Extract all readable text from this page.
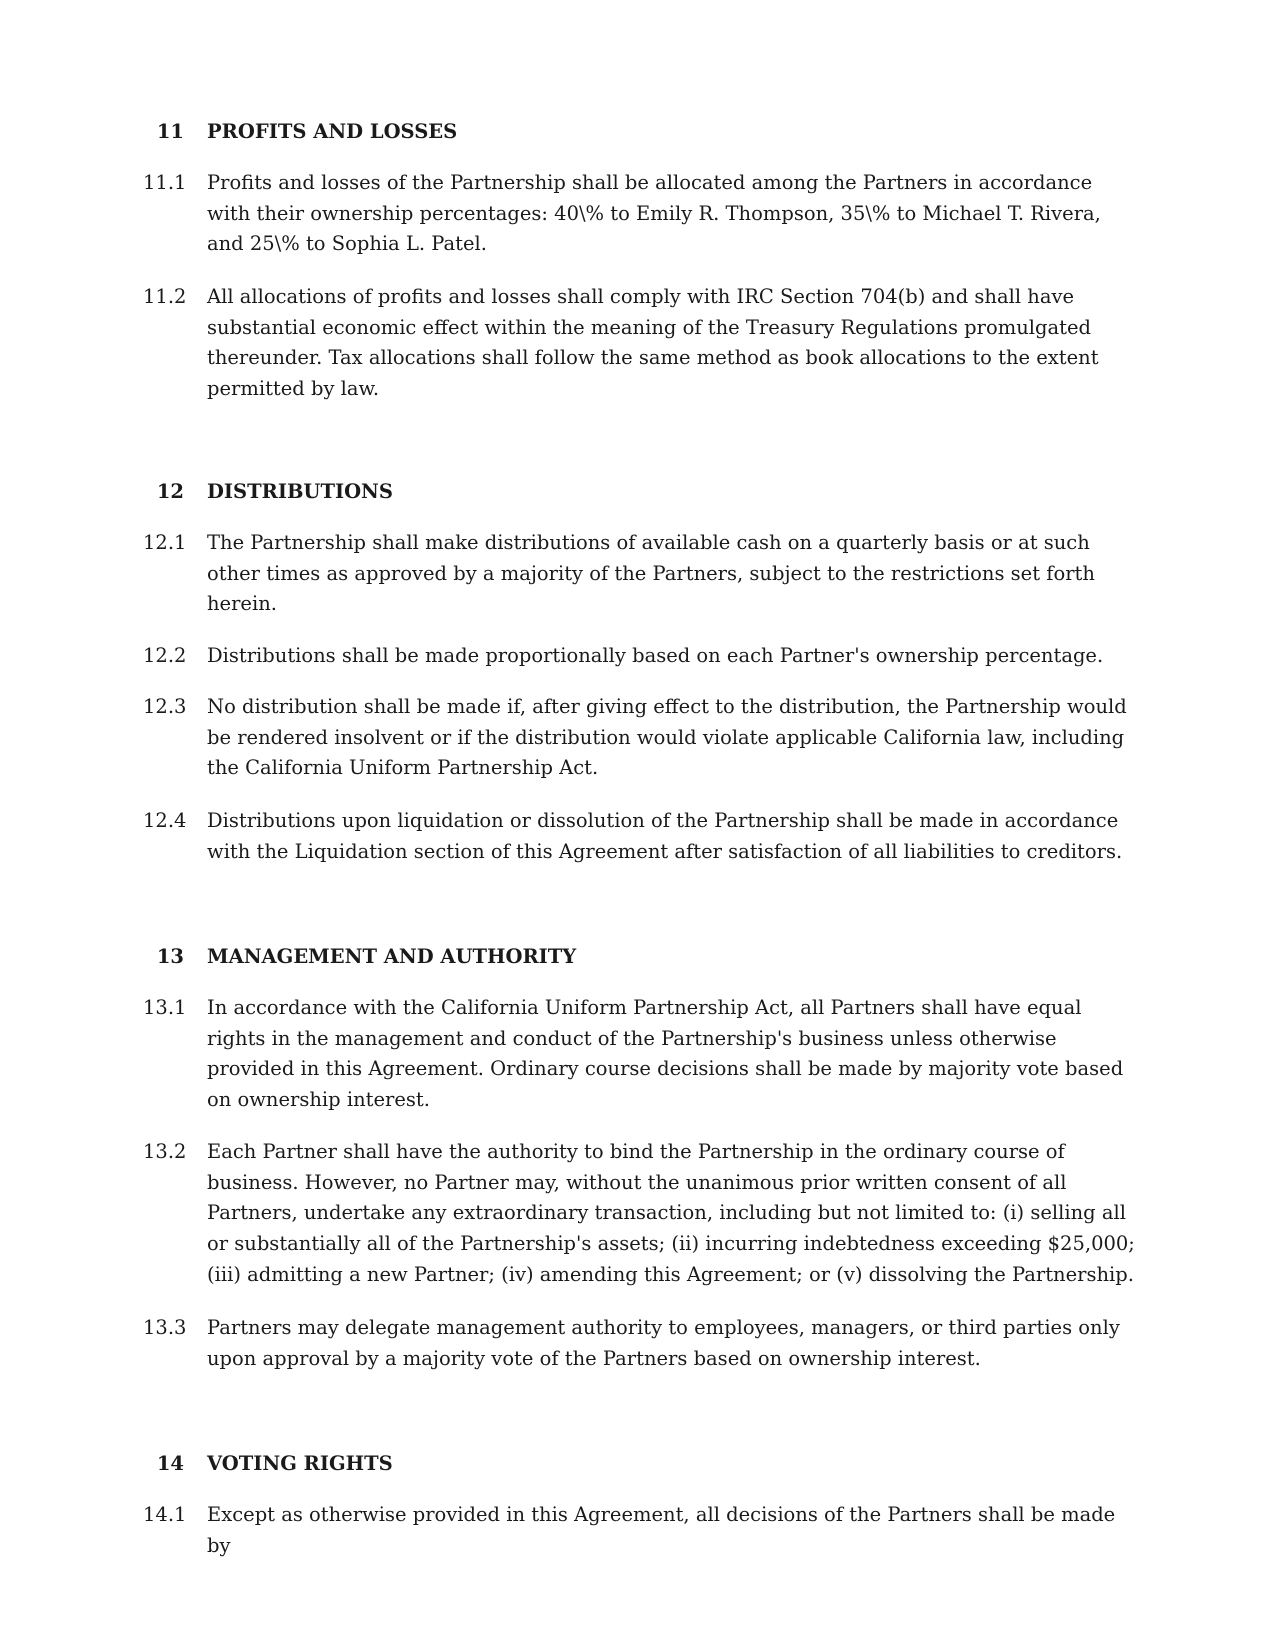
11 PROFITS AND LOSSES
11.1 Profits and losses of the Partnership shall be allocated among the Partners in accordance with their ownership percentages: 40\% to Emily R. Thompson, 35\% to Michael T. Rivera, and 25\% to Sophia L. Patel.
11.2 All allocations of profits and losses shall comply with IRC Section 704(b) and shall have substantial economic effect within the meaning of the Treasury Regulations promulgated thereunder. Tax allocations shall follow the same method as book allocations to the extent permitted by law.
12 DISTRIBUTIONS
12.1 The Partnership shall make distributions of available cash on a quarterly basis or at such other times as approved by a majority of the Partners, subject to the restrictions set forth herein.
12.2 Distributions shall be made proportionally based on each Partner's ownership percentage.
12.3 No distribution shall be made if, after giving effect to the distribution, the Partnership would be rendered insolvent or if the distribution would violate applicable California law, including the California Uniform Partnership Act.
12.4 Distributions upon liquidation or dissolution of the Partnership shall be made in accordance with the Liquidation section of this Agreement after satisfaction of all liabilities to creditors.
13 MANAGEMENT AND AUTHORITY
13.1 In accordance with the California Uniform Partnership Act, all Partners shall have equal rights in the management and conduct of the Partnership's business unless otherwise provided in this Agreement. Ordinary course decisions shall be made by majority vote based on ownership interest.
13.2 Each Partner shall have the authority to bind the Partnership in the ordinary course of business. However, no Partner may, without the unanimous prior written consent of all Partners, undertake any extraordinary transaction, including but not limited to: (i) selling all or substantially all of the Partnership's assets; (ii) incurring indebtedness exceeding $25,000; (iii) admitting a new Partner; (iv) amending this Agreement; or (v) dissolving the Partnership.
13.3 Partners may delegate management authority to employees, managers, or third parties only upon approval by a majority vote of the Partners based on ownership interest.
14 VOTING RIGHTS
14.1 Except as otherwise provided in this Agreement, all decisions of the Partners shall be made by
